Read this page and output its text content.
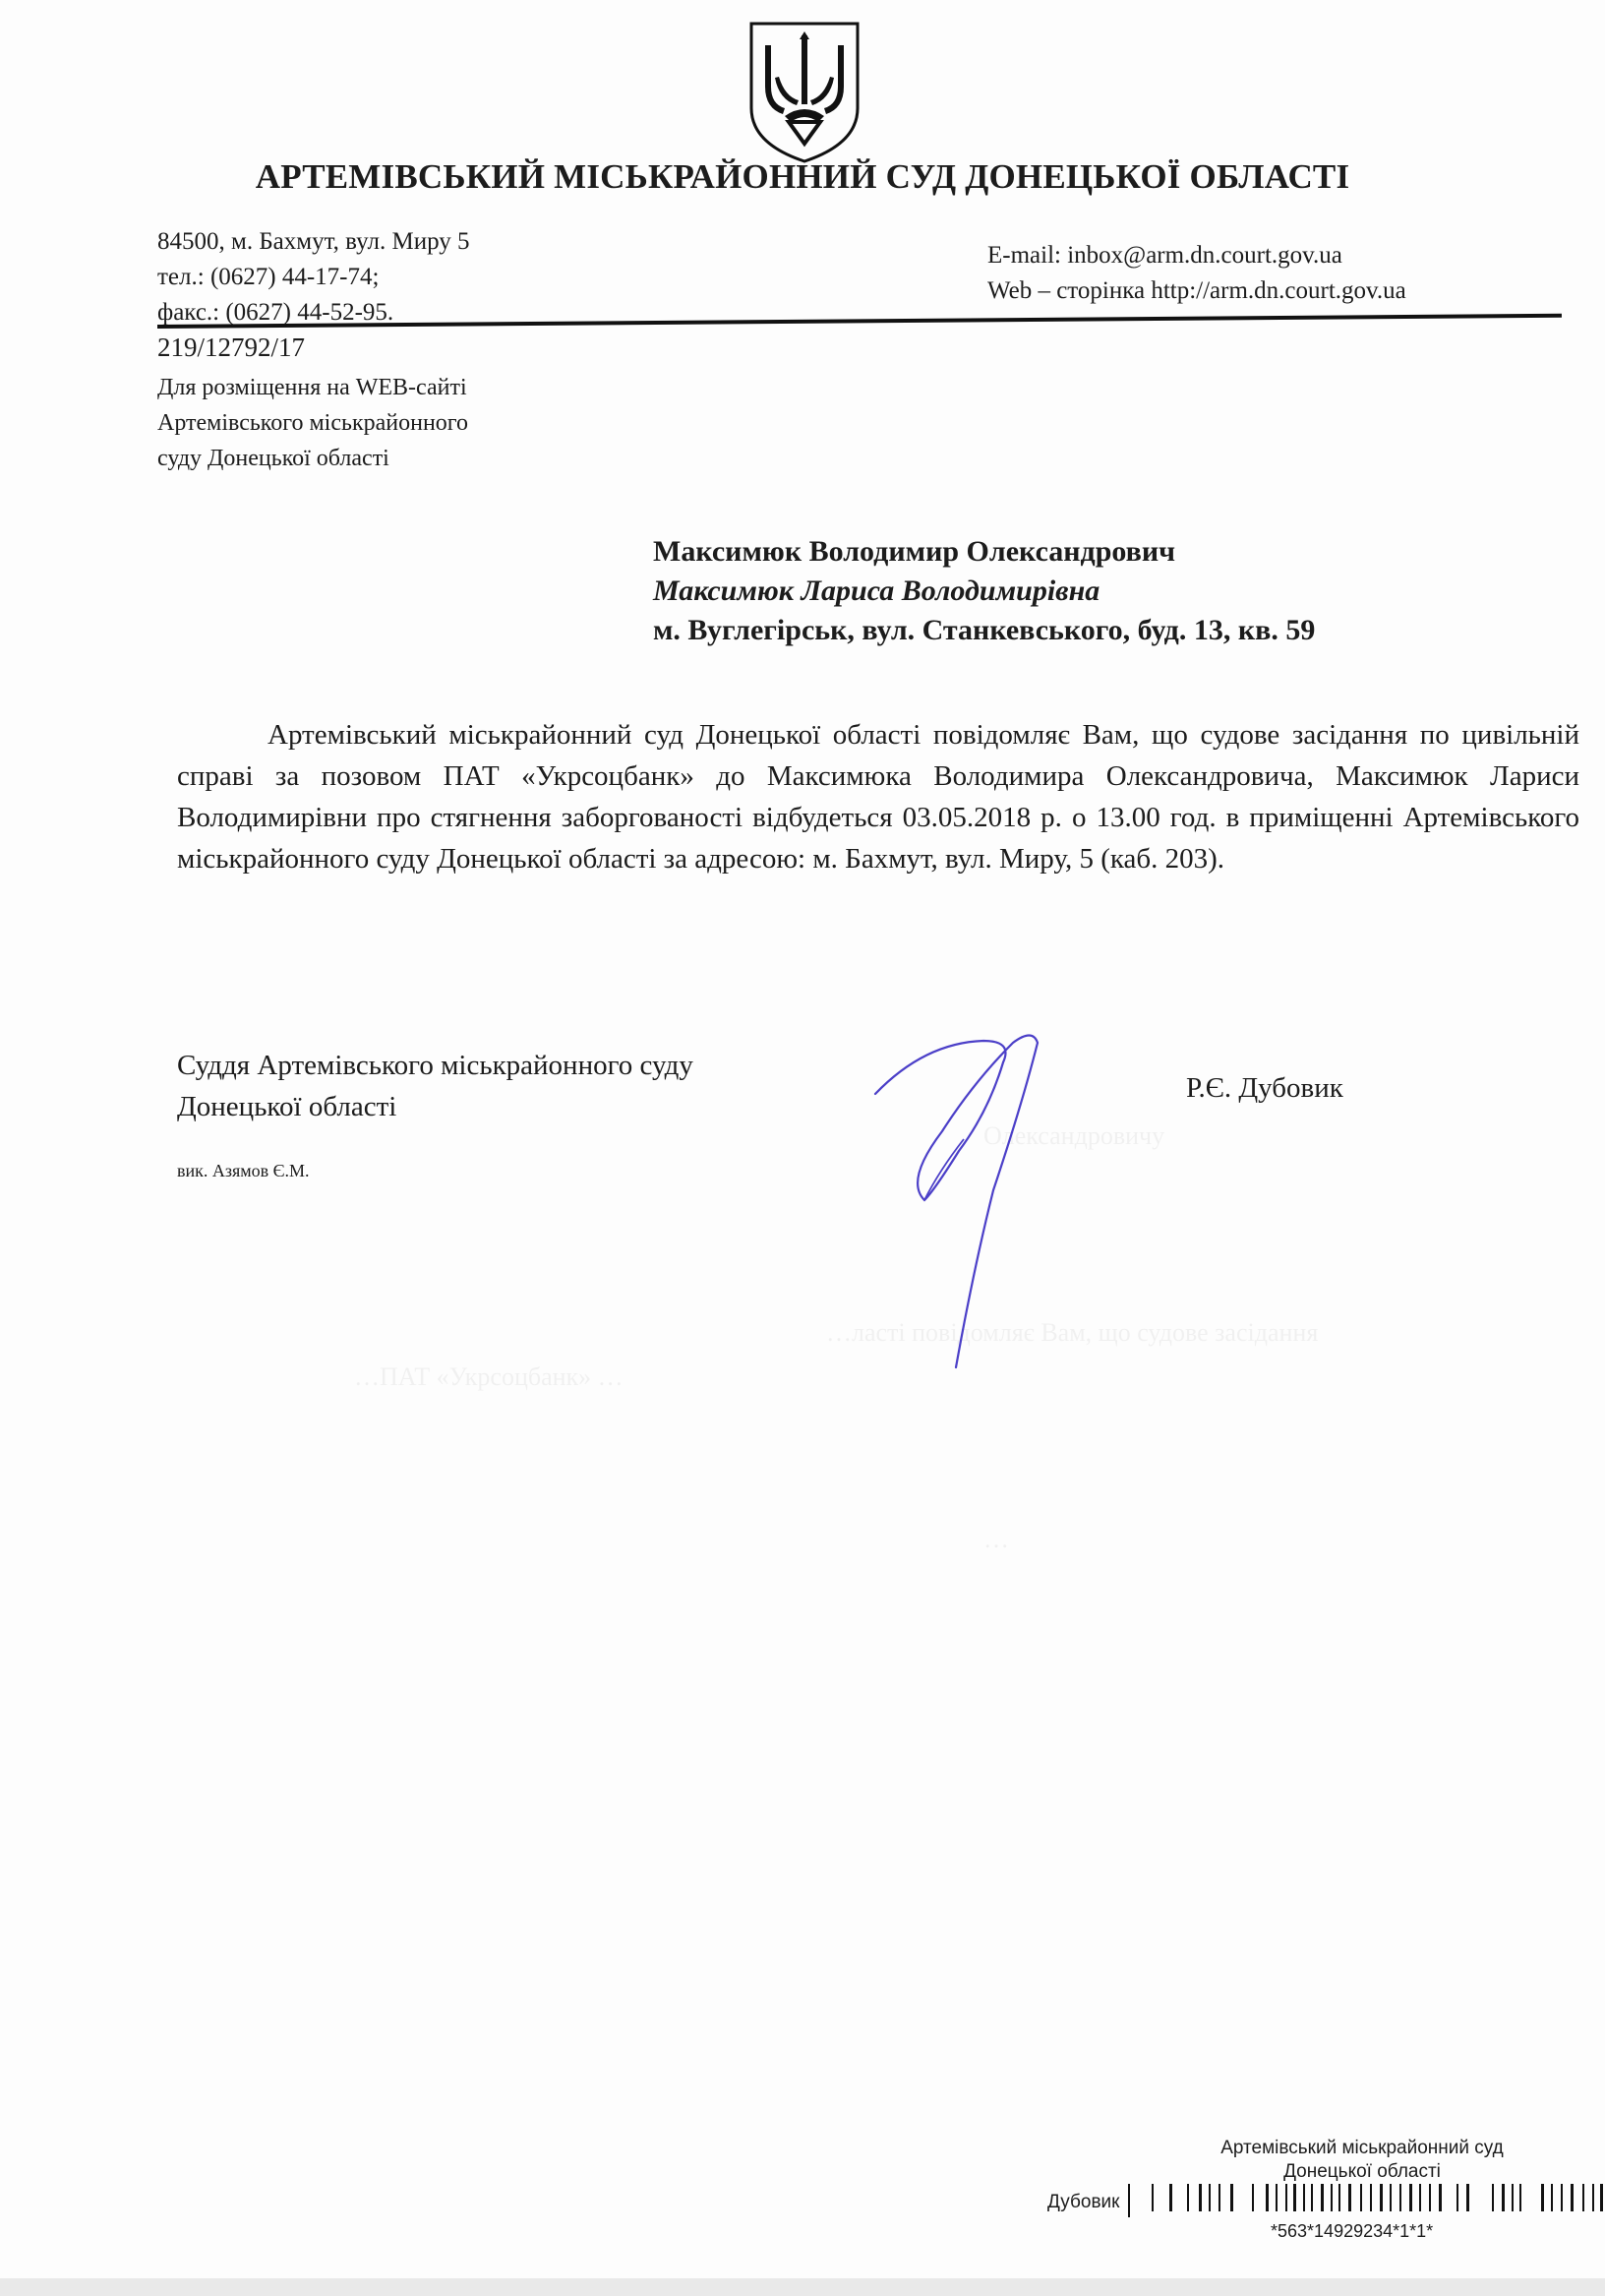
Олександровичу
…ласті повідомляє Вам, що судове засідання
…ПАТ «Укрсоцбанк» …
…
АРТЕМІВСЬКИЙ МІСЬКРАЙОННИЙ СУД ДОНЕЦЬКОЇ ОБЛАСТІ
84500, м. Бахмут, вул. Миру 5
тел.: (0627) 44-17-74;
факс.: (0627) 44-52-95.
E-mail: inbox@arm.dn.court.gov.ua
Web – сторінка http://arm.dn.court.gov.ua
219/12792/17
Для розміщення на WEB-сайті
Артемівського міськрайонного
суду Донецької області
Максимюк Володимир Олександрович
Максимюк Лариса Володимирівна
м. Вуглегірськ, вул. Станкевського, буд. 13, кв. 59
Артемівський міськрайонний суд Донецької області повідомляє Вам, що судове засідання по цивільній справі за позовом ПАТ «Укрсоцбанк» до Максимюка Володимира Олександровича, Максимюк Лариси Володимирівни про стягнення заборгованості відбудеться 03.05.2018 р. о 13.00 год. в приміщенні Артемівського міськрайонного суду Донецької області за адресою: м. Бахмут, вул. Миру, 5 (каб. 203).
Суддя Артемівського міськрайонного суду
Донецької області
Р.Є. Дубовик
вик. Азямов Є.М.
Артемівський міськрайонний суд
Донецької області
Дубовик
*563*14929234*1*1*
